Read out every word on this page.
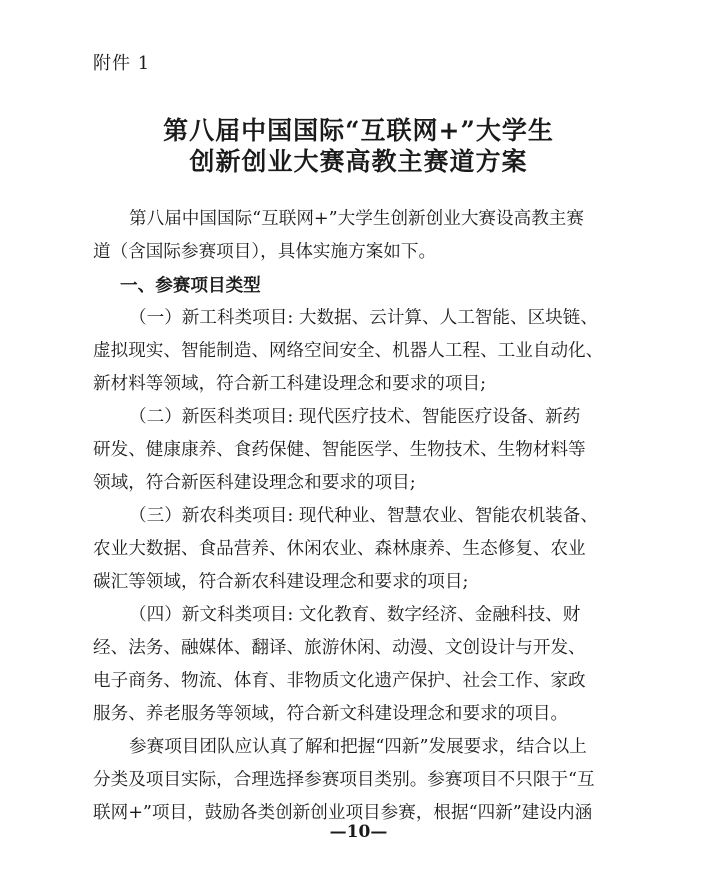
附件 1
第八届中国国际“互联网+”大学生
创新创业大赛高教主赛道方案
第八届中国国际“互联网+”大学生创新创业大赛设高教主赛
道（含国际参赛项目），具体实施方案如下。
一、参赛项目类型
（一）新工科类项目: 大数据、云计算、人工智能、区块链、
虚拟现实、智能制造、网络空间安全、机器人工程、工业自动化、
新材料等领域，符合新工科建设理念和要求的项目;
（二）新医科类项目: 现代医疗技术、智能医疗设备、新药
研发、健康康养、食药保健、智能医学、生物技术、生物材料等
领域，符合新医科建设理念和要求的项目;
（三）新农科类项目: 现代种业、智慧农业、智能农机装备、
农业大数据、食品营养、休闲农业、森林康养、生态修复、农业
碳汇等领域，符合新农科建设理念和要求的项目;
（四）新文科类项目: 文化教育、数字经济、金融科技、财
经、法务、融媒体、翻译、旅游休闲、动漫、文创设计与开发、
电子商务、物流、体育、非物质文化遗产保护、社会工作、家政
服务、养老服务等领域，符合新文科建设理念和要求的项目。
参赛项目团队应认真了解和把握“四新”发展要求，结合以上
分类及项目实际，合理选择参赛项目类别。参赛项目不只限于“互
联网+”项目，鼓励各类创新创业项目参赛，根据“四新”建设内涵
—10—
